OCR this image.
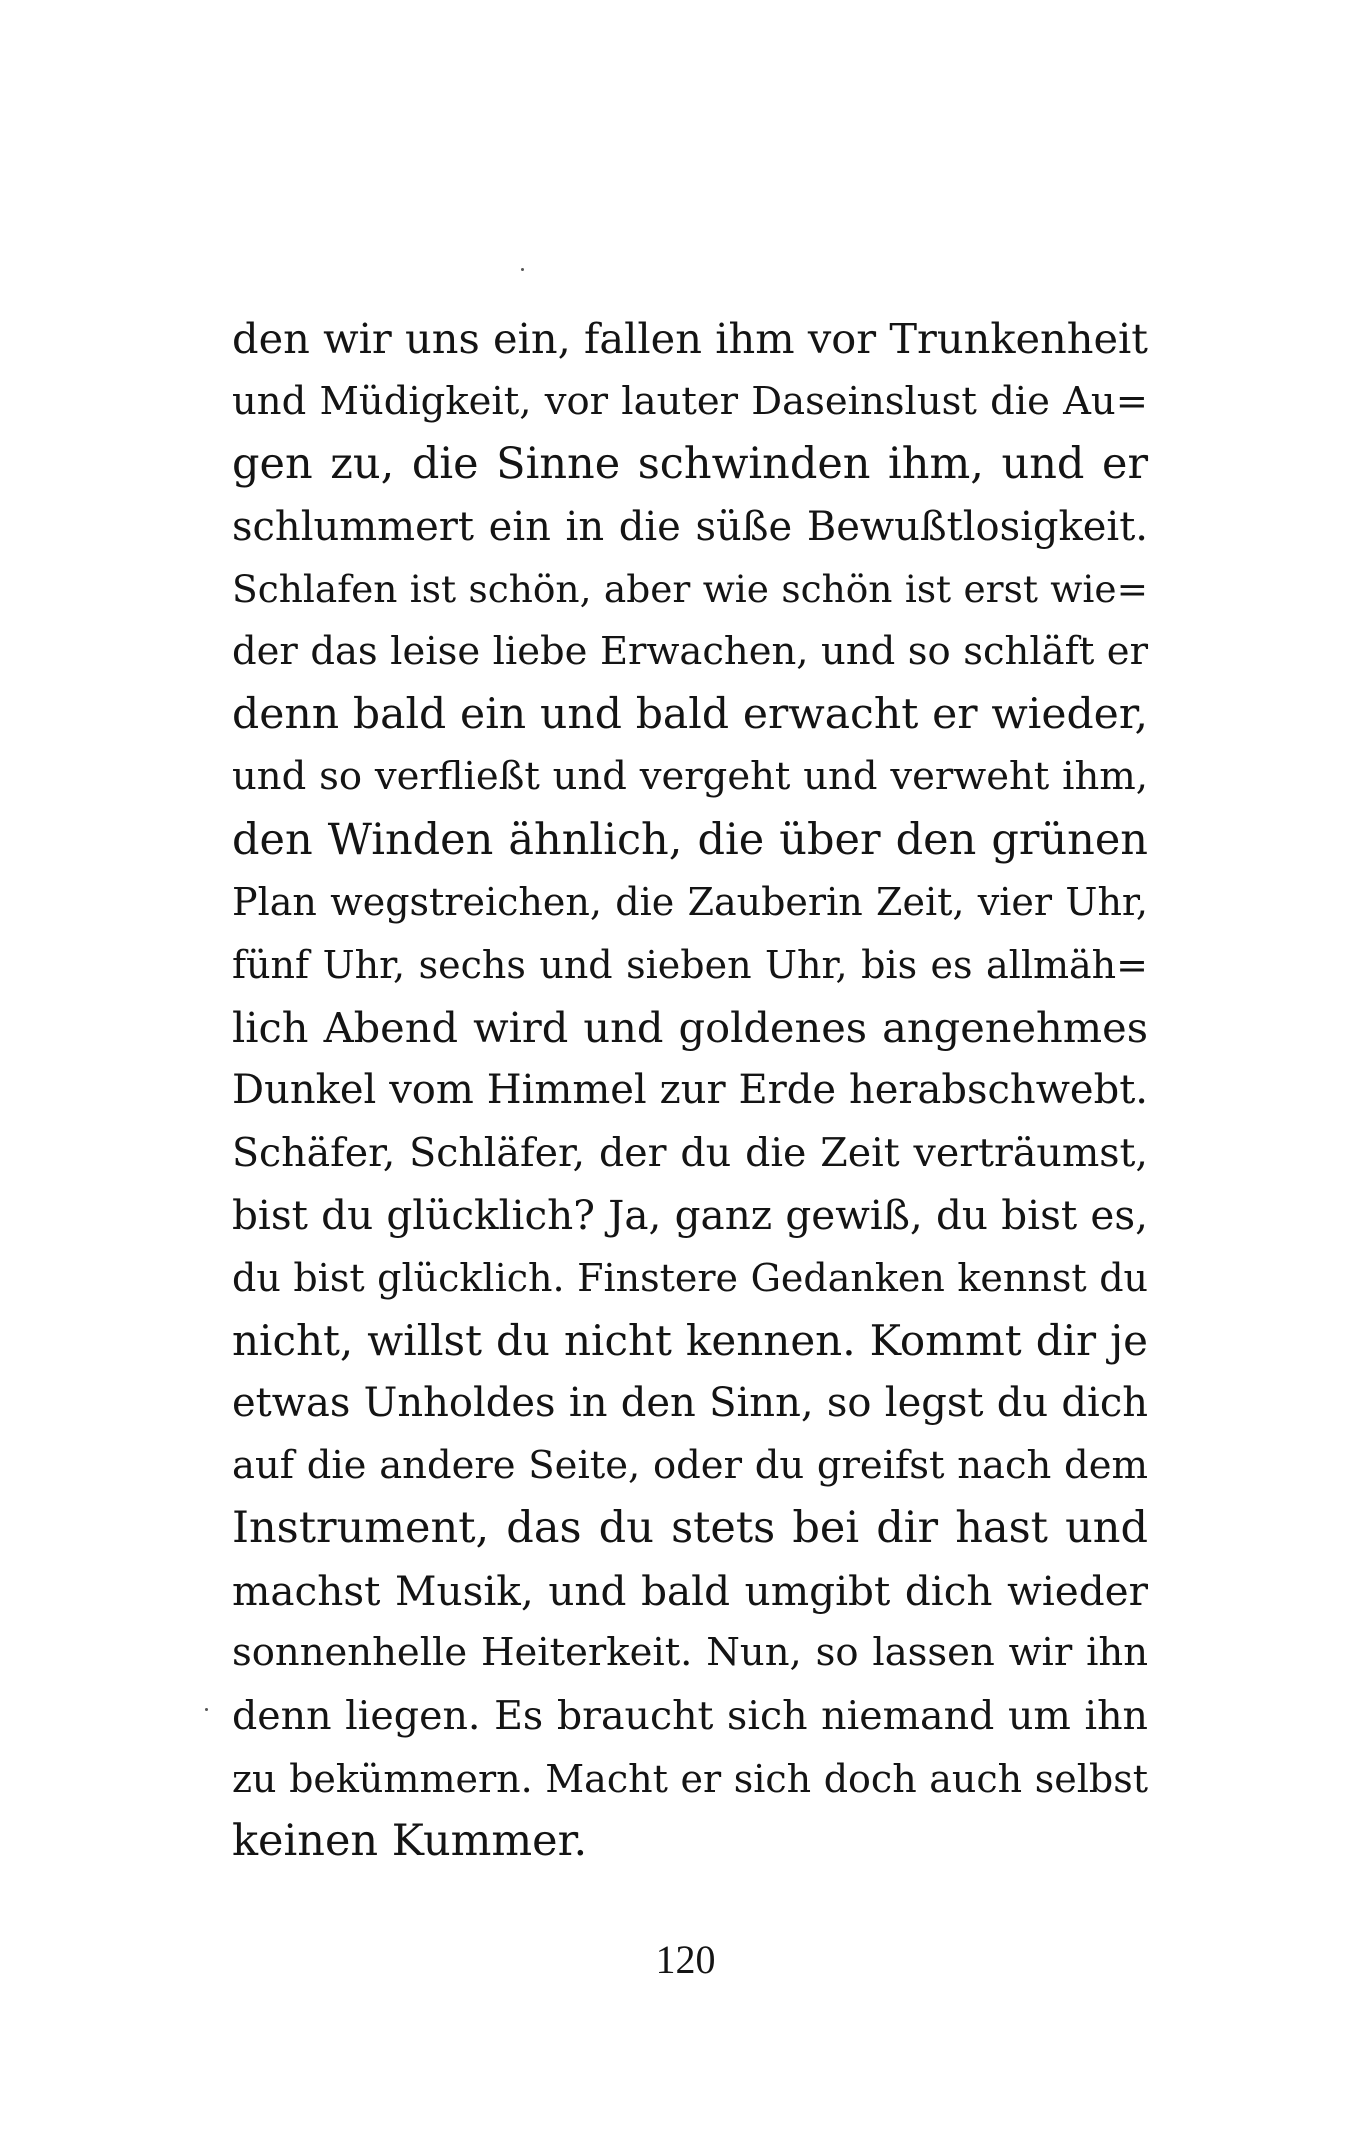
den wir uns ein, fallen ihm vor Trunkenheit
und Müdigkeit, vor lauter Daseinslust die Au=
gen zu, die Sinne schwinden ihm, und er
schlummert ein in die süße Bewußtlosigkeit.
Schlafen ist schön, aber wie schön ist erst wie=
der das leise liebe Erwachen, und so schläft er
denn bald ein und bald erwacht er wieder,
und so verfließt und vergeht und verweht ihm,
den Winden ähnlich, die über den grünen
Plan wegstreichen, die Zauberin Zeit, vier Uhr,
fünf Uhr, sechs und sieben Uhr, bis es allmäh=
lich Abend wird und goldenes angenehmes
Dunkel vom Himmel zur Erde herabschwebt.
Schäfer, Schläfer, der du die Zeit verträumst,
bist du glücklich? Ja, ganz gewiß, du bist es,
du bist glücklich. Finstere Gedanken kennst du
nicht, willst du nicht kennen. Kommt dir je
etwas Unholdes in den Sinn, so legst du dich
auf die andere Seite, oder du greifst nach dem
Instrument, das du stets bei dir hast und
machst Musik, und bald umgibt dich wieder
sonnenhelle Heiterkeit. Nun, so lassen wir ihn
denn liegen. Es braucht sich niemand um ihn
zu bekümmern. Macht er sich doch auch selbst
keinen Kummer.
120
